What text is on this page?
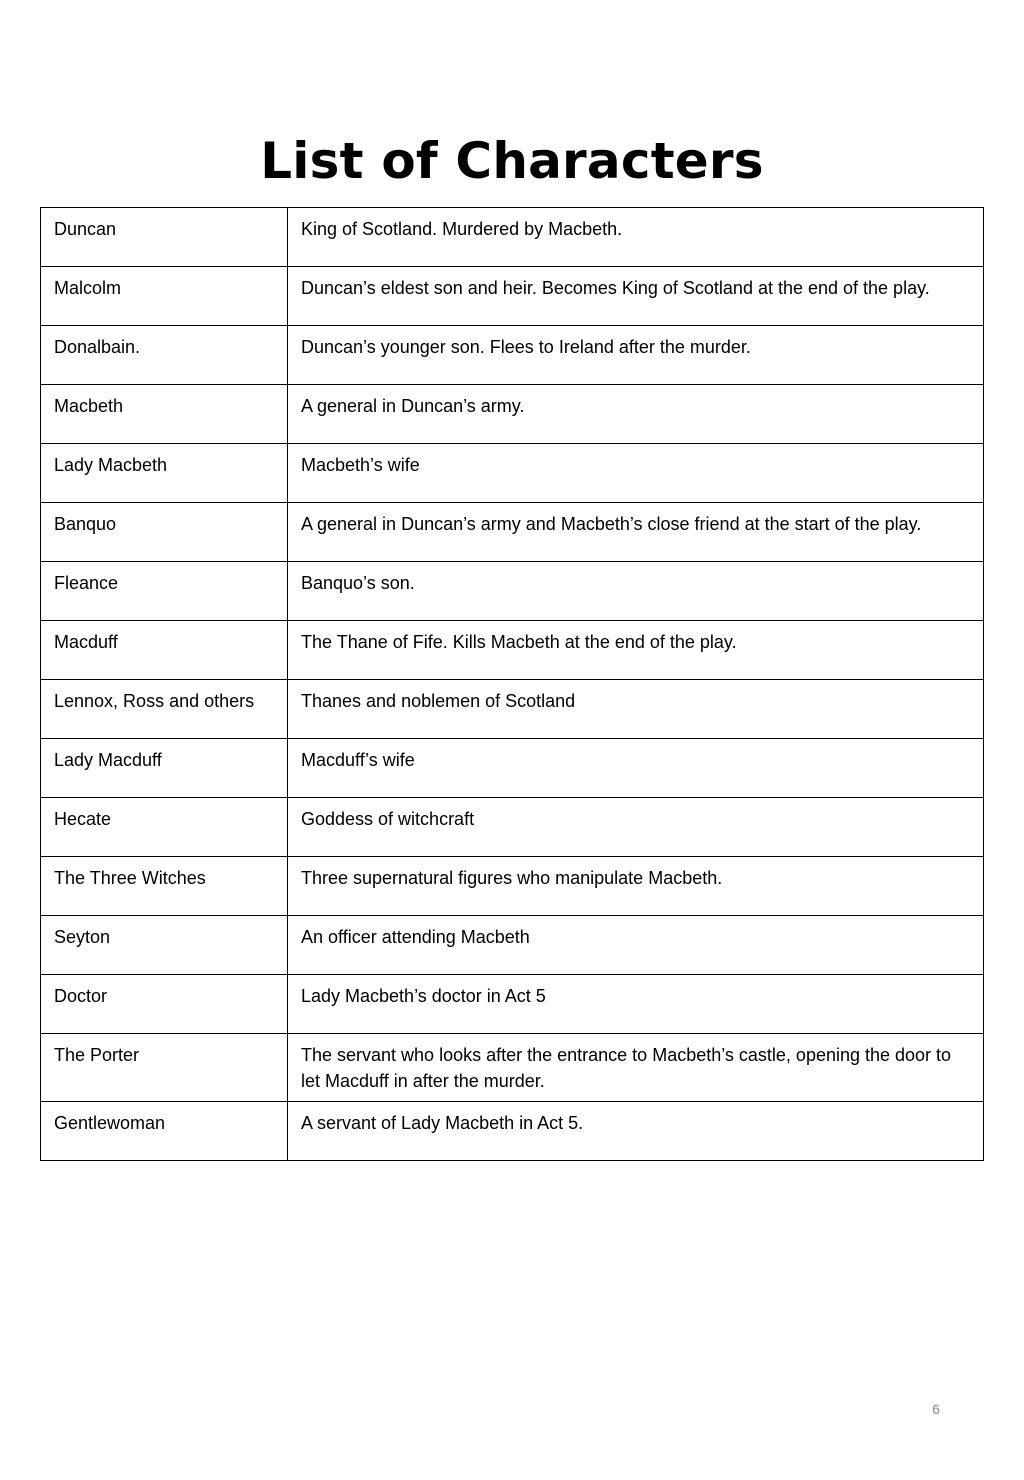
List of Characters
Duncan	King of Scotland. Murdered by Macbeth.
Malcolm	Duncan’s eldest son and heir. Becomes King of Scotland at the end of the play.
Donalbain.	Duncan’s younger son. Flees to Ireland after the murder.
Macbeth	A general in Duncan’s army.
Lady Macbeth	Macbeth’s wife
Banquo	A general in Duncan’s army and Macbeth’s close friend at the start of the play.
Fleance	Banquo’s son.
Macduff	The Thane of Fife. Kills Macbeth at the end of the play.
Lennox, Ross and others	Thanes and noblemen of Scotland
Lady Macduff	Macduff’s wife
Hecate	Goddess of witchcraft
The Three Witches	Three supernatural figures who manipulate Macbeth.
Seyton	An officer attending Macbeth
Doctor	Lady Macbeth’s doctor in Act 5
The Porter	The servant who looks after the entrance to Macbeth’s castle, opening the door to let Macduff in after the murder.
Gentlewoman	A servant of Lady Macbeth in Act 5.
6
